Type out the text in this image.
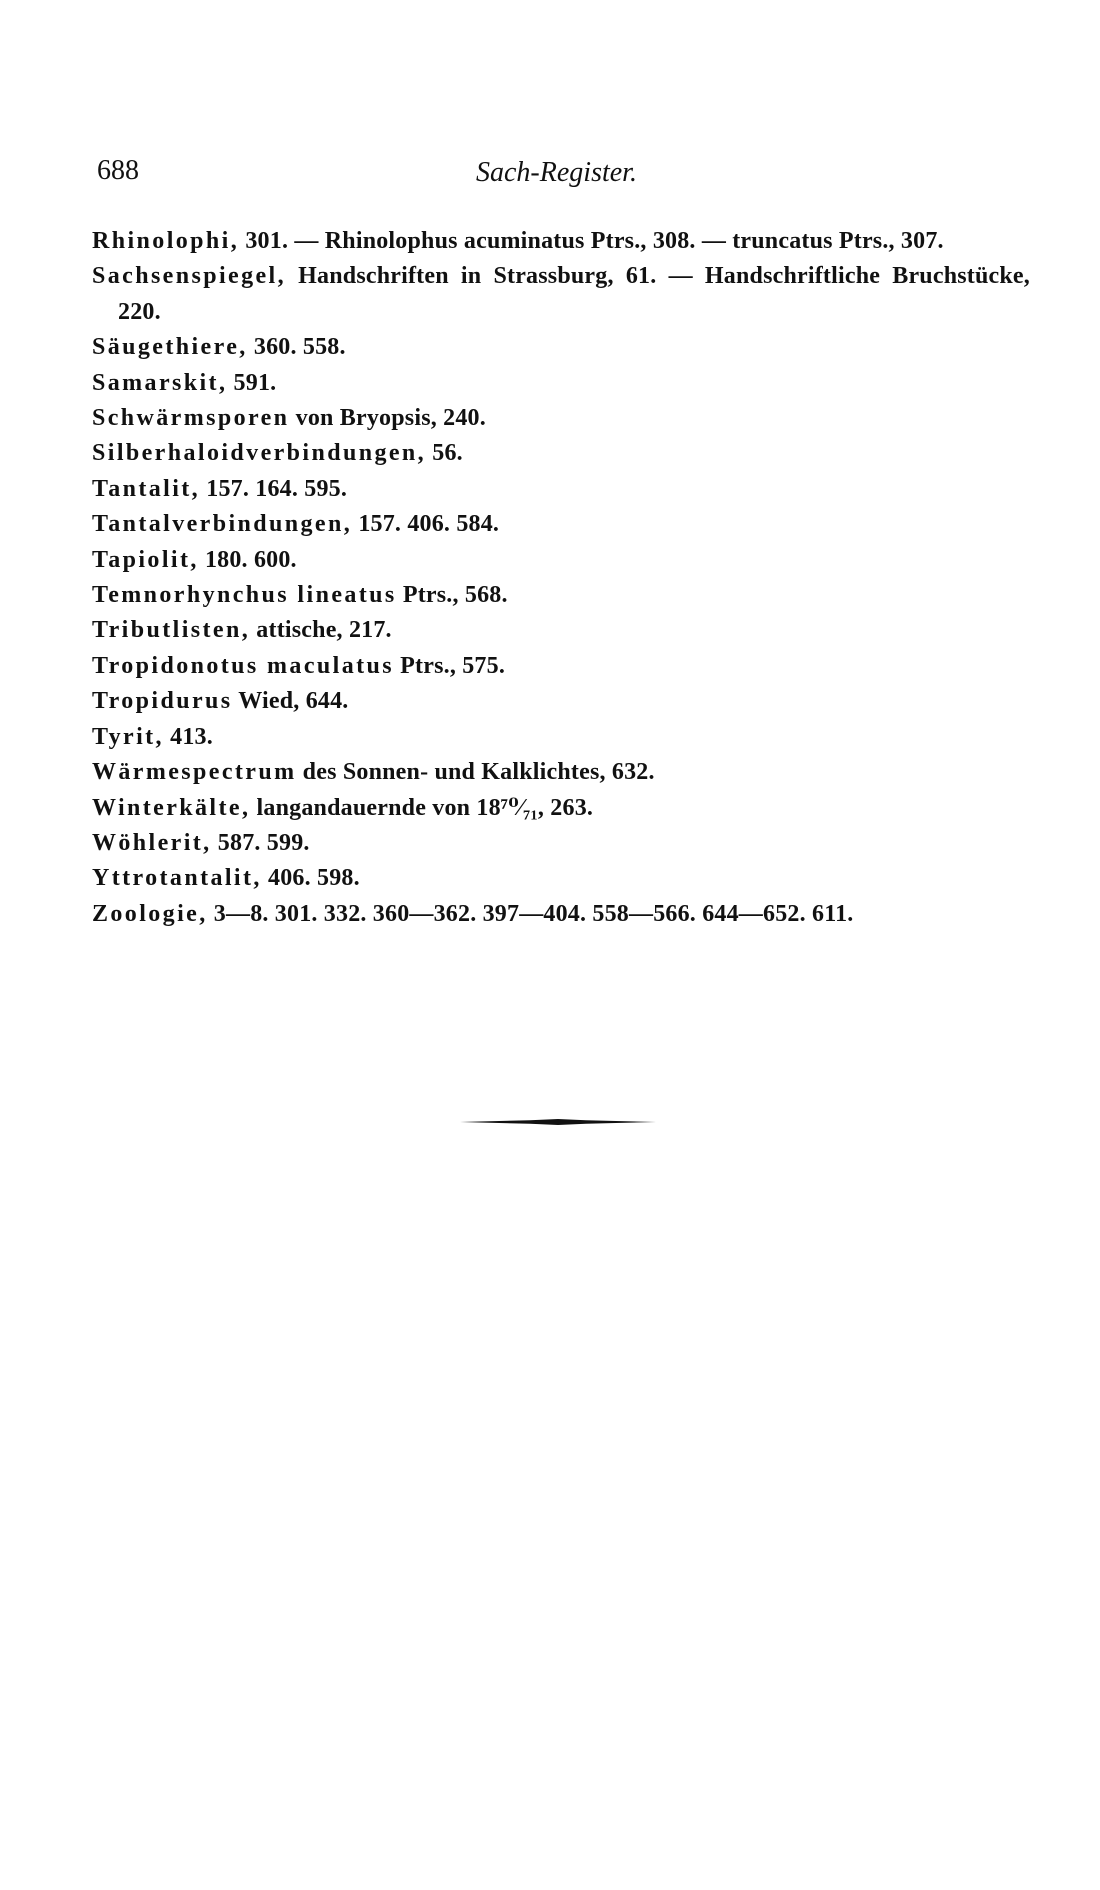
688	Sach-Register.

Rhinolophi, 301. — Rhinolophus acuminatus Ptrs., 308. — truncatus Ptrs., 307.
Sachsenspiegel, Handschriften in Strassburg, 61. — Handschriftliche Bruchstücke, 220.
Säugethiere, 360. 558.
Samarskit, 591.
Schwärmsporen von Bryopsis, 240.
Silberhaloidverbindungen, 56.
Tantalit, 157. 164. 595.
Tantalverbindungen, 157. 406. 584.
Tapiolit, 180. 600.
Temnorhynchus lineatus Ptrs., 568.
Tributlisten, attische, 217.
Tropidonotus maculatus Ptrs., 575.
Tropidurus Wied, 644.
Tyrit, 413.
Wärmespectrum des Sonnen- und Kalklichtes, 632.
Winterkälte, langandauernde von 18⁷⁰⁄₇₁, 263.
Wöhlerit, 587. 599.
Yttrotantalit, 406. 598.
Zoologie, 3—8. 301. 332. 360—362. 397—404. 558—566. 644—652. 611.
